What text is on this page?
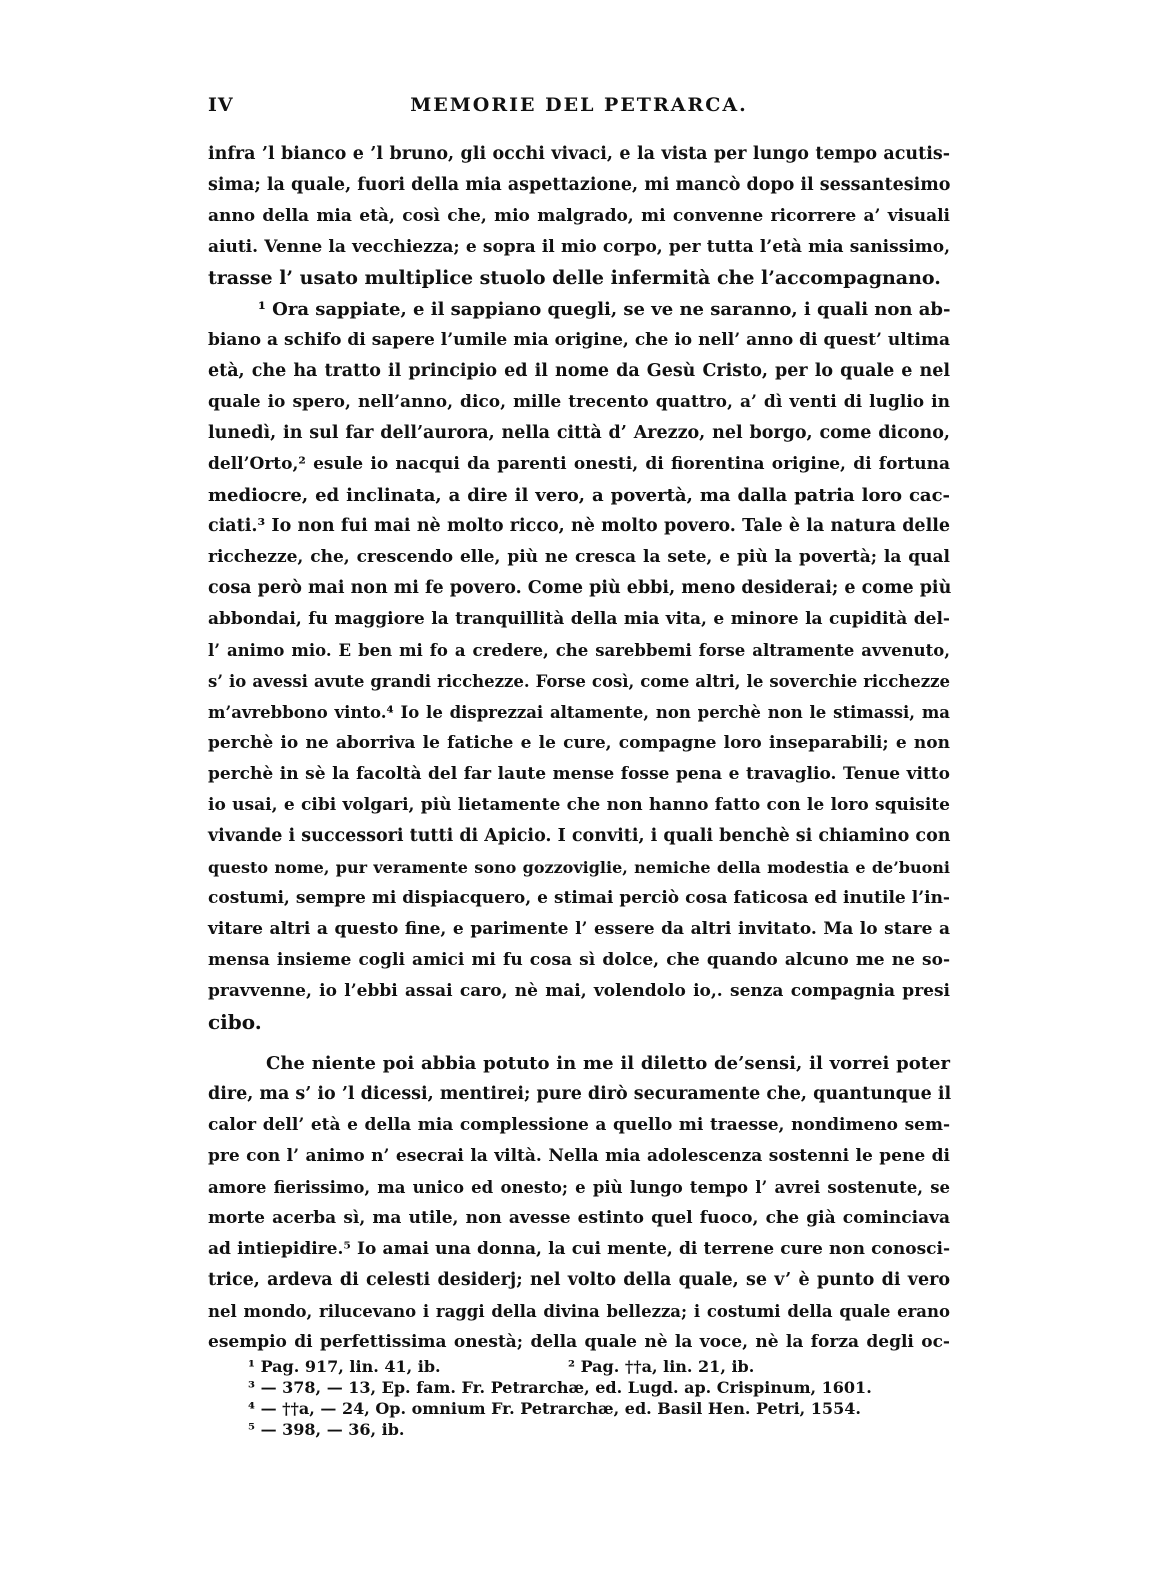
IV	MEMORIE DEL PETRARCA.
infra ’l bianco e ’l bruno, gli occhi vivaci, e la vista per lungo tempo acutis-
sima; la quale, fuori della mia aspettazione, mi mancò dopo il sessantesimo
anno della mia età, così che, mio malgrado, mi convenne ricorrere a’ visuali
aiuti. Venne la vecchiezza; e sopra il mio corpo, per tutta l’età mia sanissimo,
trasse l’ usato multiplice stuolo delle infermità che l’accompagnano.
¹ Ora sappiate, e il sappiano quegli, se ve ne saranno, i quali non ab-
biano a schifo di sapere l’umile mia origine, che io nell’ anno di quest’ ultima
età, che ha tratto il principio ed il nome da Gesù Cristo, per lo quale e nel
quale io spero, nell’anno, dico, mille trecento quattro, a’ dì venti di luglio in
lunedì, in sul far dell’aurora, nella città d’ Arezzo, nel borgo, come dicono,
dell’Orto,² esule io nacqui da parenti onesti, di fiorentina origine, di fortuna
mediocre, ed inclinata, a dire il vero, a povertà, ma dalla patria loro cac-
ciati.³ Io non fui mai nè molto ricco, nè molto povero. Tale è la natura delle
ricchezze, che, crescendo elle, più ne cresca la sete, e più la povertà; la qual
cosa però mai non mi fe povero. Come più ebbi, meno desiderai; e come più
abbondai, fu maggiore la tranquillità della mia vita, e minore la cupidità del-
l’ animo mio. E ben mi fo a credere, che sarebbemi forse altramente avvenuto,
s’ io avessi avute grandi ricchezze. Forse così, come altri, le soverchie ricchezze
m’avrebbono vinto.⁴ Io le disprezzai altamente, non perchè non le stimassi, ma
perchè io ne aborriva le fatiche e le cure, compagne loro inseparabili; e non
perchè in sè la facoltà del far laute mense fosse pena e travaglio. Tenue vitto
io usai, e cibi volgari, più lietamente che non hanno fatto con le loro squisite
vivande i successori tutti di Apicio. I conviti, i quali benchè si chiamino con
questo nome, pur veramente sono gozzoviglie, nemiche della modestia e de’buoni
costumi, sempre mi dispiacquero, e stimai perciò cosa faticosa ed inutile l’in-
vitare altri a questo fine, e parimente l’ essere da altri invitato. Ma lo stare a
mensa insieme cogli amici mi fu cosa sì dolce, che quando alcuno me ne so-
pravvenne, io l’ebbi assai caro, nè mai, volendolo io,. senza compagnia presi
cibo.
Che niente poi abbia potuto in me il diletto de’sensi, il vorrei poter
dire, ma s’ io ’l dicessi, mentirei; pure dirò securamente che, quantunque il
calor dell’ età e della mia complessione a quello mi traesse, nondimeno sem-
pre con l’ animo n’ esecrai la viltà. Nella mia adolescenza sostenni le pene di
amore fierissimo, ma unico ed onesto; e più lungo tempo l’ avrei sostenute, se
morte acerba sì, ma utile, non avesse estinto quel fuoco, che già cominciava
ad intiepidire.⁵ Io amai una donna, la cui mente, di terrene cure non conosci-
trice, ardeva di celesti desiderj; nel volto della quale, se v’ è punto di vero
nel mondo, rilucevano i raggi della divina bellezza; i costumi della quale erano
esempio di perfettissima onestà; della quale nè la voce, nè la forza degli oc-
¹ Pag. 917, lin. 41, ib.	² Pag. ††a, lin. 21, ib.
³ — 378, — 13, Ep. fam. Fr. Petrarchæ, ed. Lugd. ap. Crispinum, 1601.
⁴ — ††a, — 24, Op. omnium Fr. Petrarchæ, ed. Basil Hen. Petri, 1554.
⁵ — 398, — 36, ib.
